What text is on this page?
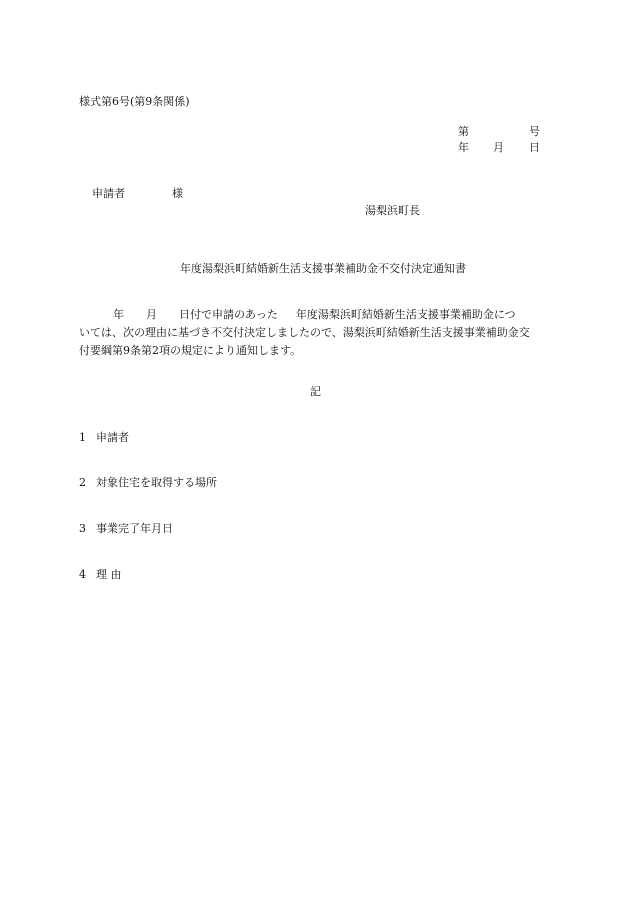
様式第6号(第9条関係)
第	号
年 月 日
申請者	様
湯梨浜町長
年度湯梨浜町結婚新生活支援事業補助金不交付決定通知書

年 月 日付で申請のあった 年度湯梨浜町結婚新生活支援事業補助金につ

いては、次の理由に基づき不交付決定しましたので、湯梨浜町結婚新生活支援事業補助金交

付要綱第9条第2項の規定により通知します。

記
1 申請者
2 対象住宅を取得する場所
3 事業完了年月日
4 理 由
